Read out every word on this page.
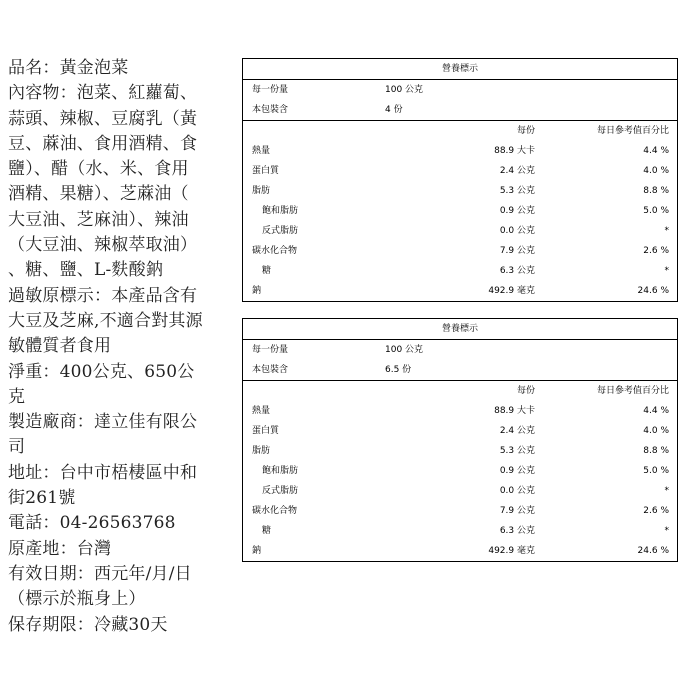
品名：黃金泡菜

內容物：泡菜、紅蘿蔔、

蒜頭、辣椒、豆腐乳（黃

豆、蔴油、食用酒精、食

鹽）、醋（水、米、食用

酒精、果糖）、芝蔴油（

大豆油、芝麻油）、辣油

（大豆油、辣椒萃取油）

、糖、鹽、L-麩酸鈉

過敏原標示：本產品含有

大豆及芝麻,不適合對其源

敏體質者食用

淨重：400公克、650公

克

製造廠商：達立佳有限公

司

地址：台中市梧棲區中和

街261號

電話：04-26563768

原產地：台灣

有效日期：西元年/月/日

（標示於瓶身上）

保存期限：冷藏30天

營養標示
每一份量	100 公克
本包裝含	4 份
每份	每日參考值百分比
熱量	88.9 大卡	4.4 %
蛋白質	2.4 公克	4.0 %
脂肪	5.3 公克	8.8 %
飽和脂肪	0.9 公克	5.0 %
反式脂肪	0.0 公克	*
碳水化合物	7.9 公克	2.6 %
糖	6.3 公克	*
鈉	492.9 毫克	24.6 %
營養標示
每一份量	100 公克
本包裝含	6.5 份
每份	每日參考值百分比
熱量	88.9 大卡	4.4 %
蛋白質	2.4 公克	4.0 %
脂肪	5.3 公克	8.8 %
飽和脂肪	0.9 公克	5.0 %
反式脂肪	0.0 公克	*
碳水化合物	7.9 公克	2.6 %
糖	6.3 公克	*
鈉	492.9 毫克	24.6 %
